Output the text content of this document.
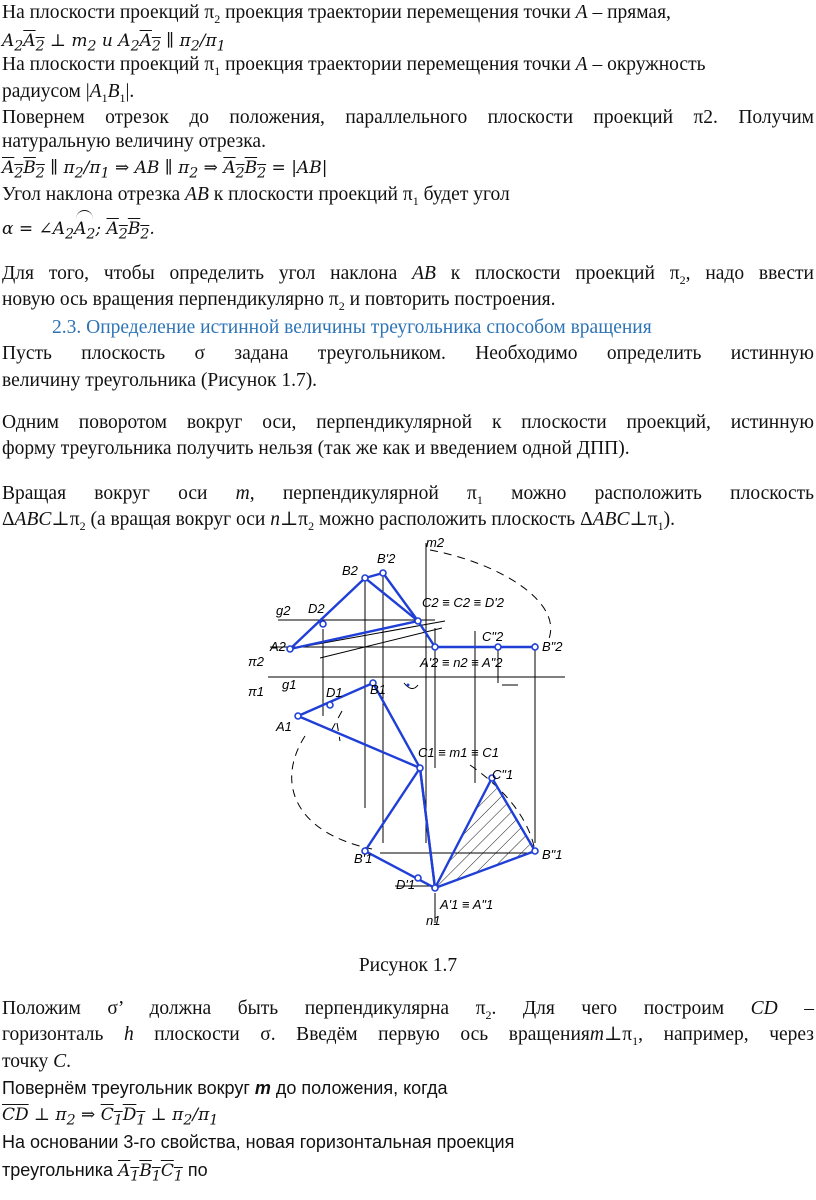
На плоскости проекций $\pi_2$ проекция траектории перемещения точки A – прямая,
$A_2A_2$ ⊥ $m_2$ и $A_2A_2$ ∥ $\pi_2/\pi_1$
На плоскости проекций $\pi_1$ проекция траектории перемещения точки A – окружность
радиусом $|A_1B_1|$.
Повернем отрезок до положения, параллельного плоскости проекций π2. Получим
натуральную величину отрезка.
$A_2B_2$ ∥ $\pi_2/\pi_1$ ⇒ AB ∥ $\pi_2$ ⇒ $A_2B_2 = |AB|$
Угол наклона отрезка AB к плоскости проекций $\pi_1$ будет угол
$\alpha = \angle A_2A_2$; $A_2B_2$.
Для того, чтобы определить угол наклона AB к плоскости проекций $\pi_2$, надо ввести
новую ось вращения перпендикулярно $\pi_2$ и повторить построения.
2.3. Определение истинной величины треугольника способом вращения
Пусть плоскость σ задана треугольником. Необходимо определить истинную
величину треугольника (Рисунок 1.7).
Одним поворотом вокруг оси, перпендикулярной к плоскости проекций, истинную
форму треугольника получить нельзя (так же как и введением одной ДПП).
Вращая вокруг оси m, перпендикулярной $\pi_1$ можно расположить плоскость
$\Delta ABC\perp\pi_2$ (а вращая вокруг оси $n\perp\pi_2$ можно расположить плоскость $\Delta ABC\perp\pi_1$).
m2
B'2
B2
g2 D2
A2
C2 ≡ C2 ≡ D'2
C"2
B"2
π2
π1
A'2 ≡ n2 ≡ A"2
g1
D1 B1
A1
C1 ≡ m1 ≡ C1
C"1
B"1
B'1
D'1
A'1 ≡ A"1
n1
Рисунок 1.7
Положим σ’ должна быть перпендикулярна $\pi_2$. Для чего построим CD –
горизонталь h плоскости σ. Введём первую ось $вращенияm\perp\pi_1$, например, через
точку C.
Повернём треугольник вокруг m до положения, когда
$\overline{CD}$ ⊥ $\pi_2$ ⇒ $C_1D_1$ ⊥ $\pi_2/\pi_1$
На основании 3-го свойства, новая горизонтальная проекция
треугольника $A_1B_1C_1$ по
